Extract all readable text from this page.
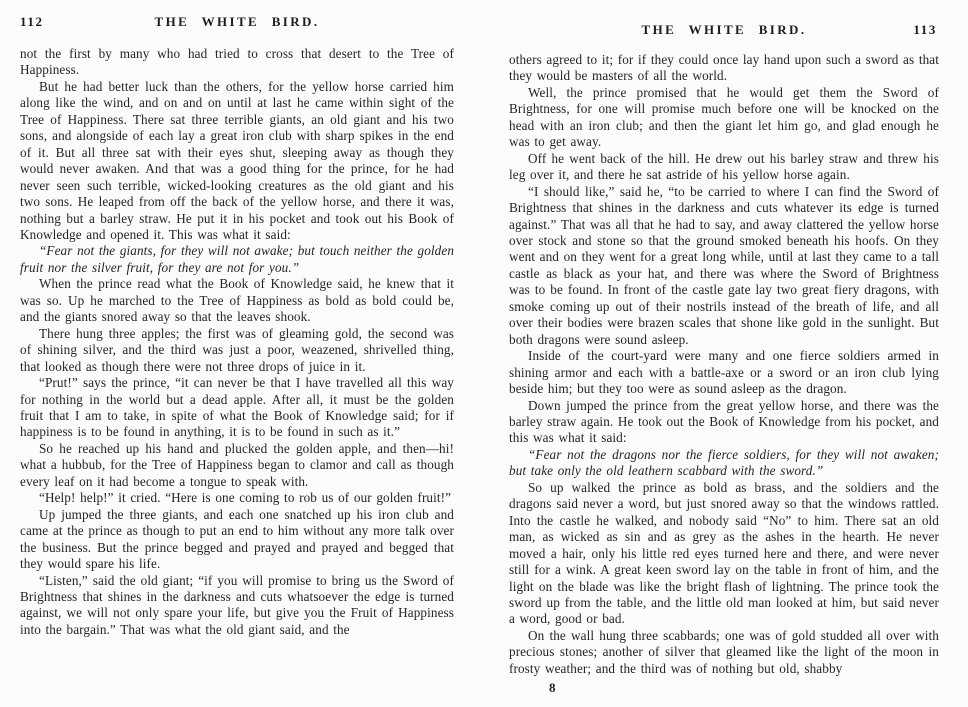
112	THE WHITE BIRD.

not the first by many who had tried to cross that desert to the Tree of Happiness.

But he had better luck than the others, for the yellow horse carried him along like the wind, and on and on until at last he came within sight of the Tree of Happiness. There sat three terrible giants, an old giant and his two sons, and alongside of each lay a great iron club with sharp spikes in the end of it. But all three sat with their eyes shut, sleeping away as though they would never awaken. And that was a good thing for the prince, for he had never seen such terrible, wicked-looking creatures as the old giant and his two sons. He leaped from off the back of the yellow horse, and there it was, nothing but a barley straw. He put it in his pocket and took out his Book of Knowledge and opened it. This was what it said:

“Fear not the giants, for they will not awake; but touch neither the golden fruit nor the silver fruit, for they are not for you.”

When the prince read what the Book of Knowledge said, he knew that it was so. Up he marched to the Tree of Happiness as bold as bold could be, and the giants snored away so that the leaves shook.

There hung three apples; the first was of gleaming gold, the second was of shining silver, and the third was just a poor, weazened, shrivelled thing, that looked as though there were not three drops of juice in it.

“Prut!” says the prince, “it can never be that I have travelled all this way for nothing in the world but a dead apple. After all, it must be the golden fruit that I am to take, in spite of what the Book of Knowledge said; for if happiness is to be found in anything, it is to be found in such as it.”

So he reached up his hand and plucked the golden apple, and then—hi! what a hubbub, for the Tree of Happiness began to clamor and call as though every leaf on it had become a tongue to speak with.

“Help! help!” it cried. “Here is one coming to rob us of our golden fruit!”

Up jumped the three giants, and each one snatched up his iron club and came at the prince as though to put an end to him without any more talk over the business. But the prince begged and prayed and prayed and begged that they would spare his life.

“Listen,” said the old giant; “if you will promise to bring us the Sword of Brightness that shines in the darkness and cuts whatsoever the edge is turned against, we will not only spare your life, but give you the Fruit of Happiness into the bargain.” That was what the old giant said, and the

THE WHITE BIRD.	113

others agreed to it; for if they could once lay hand upon such a sword as that they would be masters of all the world.

Well, the prince promised that he would get them the Sword of Brightness, for one will promise much before one will be knocked on the head with an iron club; and then the giant let him go, and glad enough he was to get away.

Off he went back of the hill. He drew out his barley straw and threw his leg over it, and there he sat astride of his yellow horse again.

“I should like,” said he, “to be carried to where I can find the Sword of Brightness that shines in the darkness and cuts whatever its edge is turned against.” That was all that he had to say, and away clattered the yellow horse over stock and stone so that the ground smoked beneath his hoofs. On they went and on they went for a great long while, until at last they came to a tall castle as black as your hat, and there was where the Sword of Brightness was to be found. In front of the castle gate lay two great fiery dragons, with smoke coming up out of their nostrils instead of the breath of life, and all over their bodies were brazen scales that shone like gold in the sunlight. But both dragons were sound asleep.

Inside of the court-yard were many and one fierce soldiers armed in shining armor and each with a battle-axe or a sword or an iron club lying beside him; but they too were as sound asleep as the dragon.

Down jumped the prince from the great yellow horse, and there was the barley straw again. He took out the Book of Knowledge from his pocket, and this was what it said:

“Fear not the dragons nor the fierce soldiers, for they will not awaken; but take only the old leathern scabbard with the sword.”

So up walked the prince as bold as brass, and the soldiers and the dragons said never a word, but just snored away so that the windows rattled. Into the castle he walked, and nobody said “No” to him. There sat an old man, as wicked as sin and as grey as the ashes in the hearth. He never moved a hair, only his little red eyes turned here and there, and were never still for a wink. A great keen sword lay on the table in front of him, and the light on the blade was like the bright flash of lightning. The prince took the sword up from the table, and the little old man looked at him, but said never a word, good or bad.

On the wall hung three scabbards; one was of gold studded all over with precious stones; another of silver that gleamed like the light of the moon in frosty weather; and the third was of nothing but old, shabby

8
